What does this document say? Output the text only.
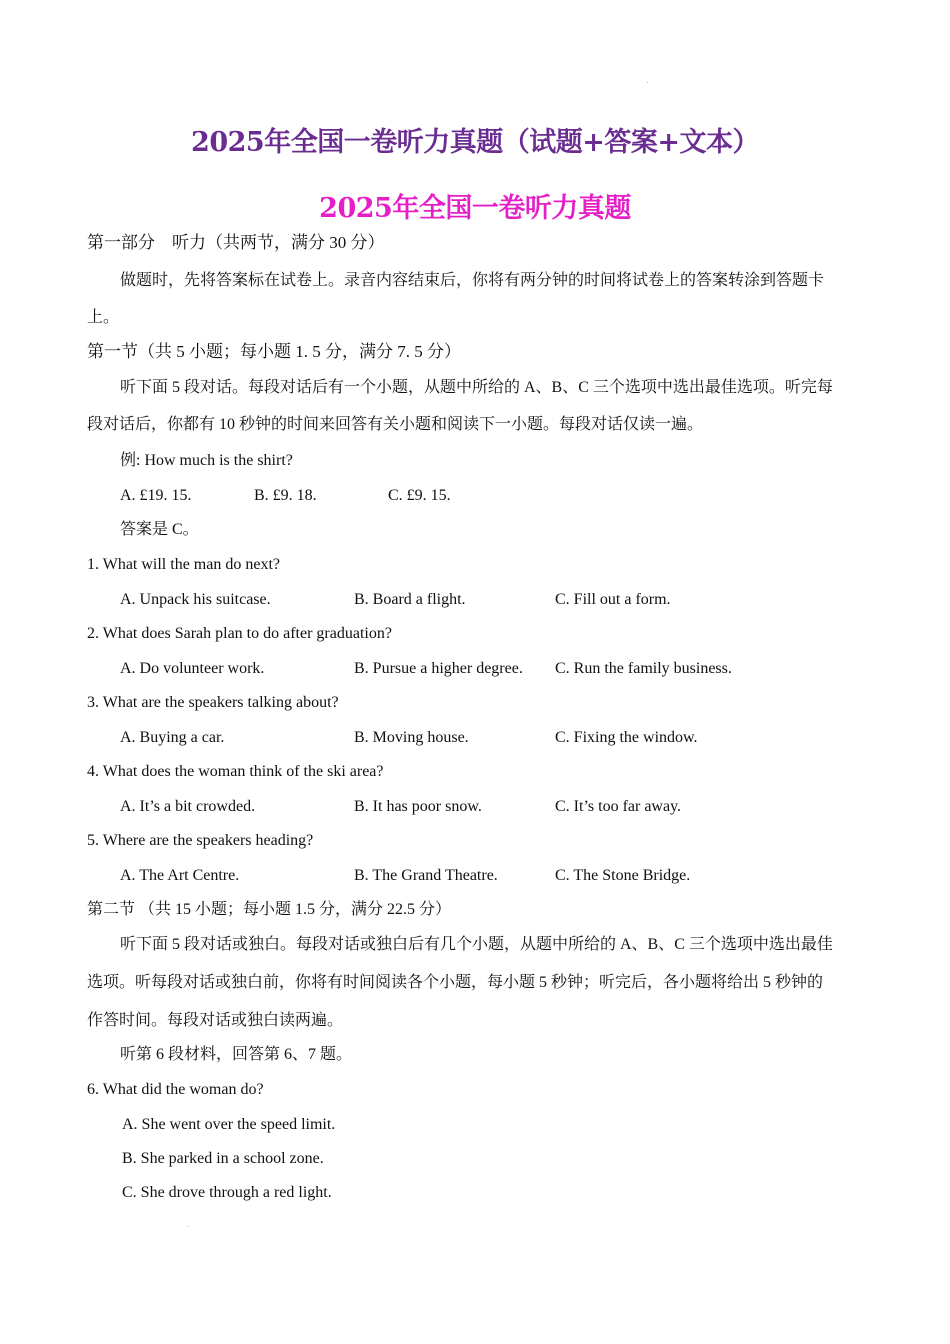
2025年全国一卷听力真题（试题+答案+文本）
2025年全国一卷听力真题
第一部分　听力（共两节，满分 30 分）
做题时，先将答案标在试卷上。录音内容结束后，你将有两分钟的时间将试卷上的答案转涂到答题卡
上。
第一节（共 5 小题；每小题 1. 5 分，满分 7. 5 分）
听下面 5 段对话。每段对话后有一个小题，从题中所给的 A、B、C 三个选项中选出最佳选项。听完每
段对话后，你都有 10 秒钟的时间来回答有关小题和阅读下一小题。每段对话仅读一遍。
例: How much is the shirt?
A. £19. 15.	B. £9. 18.	C. £9. 15.
答案是 C。
1. What will the man do next?
A. Unpack his suitcase.	B. Board a flight.	C. Fill out a form.
2. What does Sarah plan to do after graduation?
A. Do volunteer work.	B. Pursue a higher degree. C. Run the family business.
3. What are the speakers talking about?
A. Buying a car.	B. Moving house.	C. Fixing the window.
4. What does the woman think of the ski area?
A. It’s a bit crowded.	B. It has poor snow.	C. It’s too far away.
5. Where are the speakers heading?
A. The Art Centre.	B. The Grand Theatre.	C. The Stone Bridge.
第二节 （共 15 小题；每小题 1.5 分，满分 22.5 分）
听下面 5 段对话或独白。每段对话或独白后有几个小题，从题中所给的 A、B、C 三个选项中选出最佳
选项。听每段对话或独白前，你将有时间阅读各个小题，每小题 5 秒钟；听完后，各小题将给出 5 秒钟的
作答时间。每段对话或独白读两遍。
听第 6 段材料，回答第 6、7 题。
6. What did the woman do?
A. She went over the speed limit.
B. She parked in a school zone.
C. She drove through a red light.
